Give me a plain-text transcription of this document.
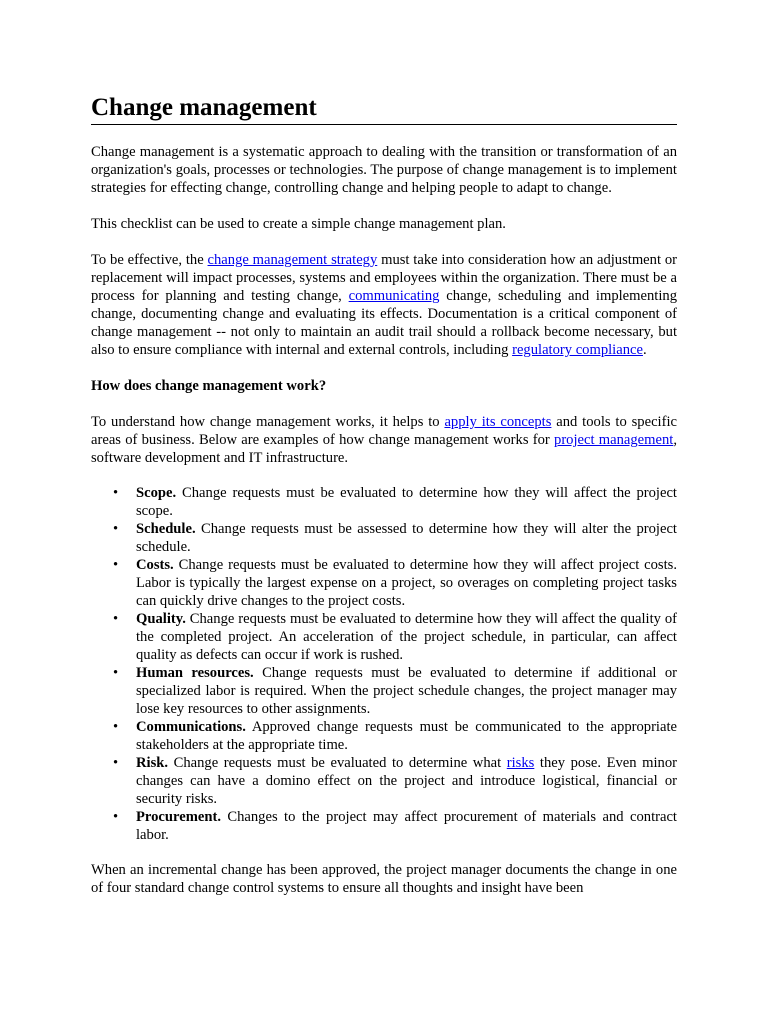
Change management

Change management is a systematic approach to dealing with the transition or transformation of an organization's goals, processes or technologies. The purpose of change management is to implement strategies for effecting change, controlling change and helping people to adapt to change.

This checklist can be used to create a simple change management plan.

To be effective, the change management strategy must take into consideration how an adjustment or replacement will impact processes, systems and employees within the organization. There must be a process for planning and testing change, communicating change, scheduling and implementing change, documenting change and evaluating its effects. Documentation is a critical component of change management -- not only to maintain an audit trail should a rollback become necessary, but also to ensure compliance with internal and external controls, including regulatory compliance.

How does change management work?

To understand how change management works, it helps to apply its concepts and tools to specific areas of business. Below are examples of how change management works for project management, software development and IT infrastructure.

• Scope. Change requests must be evaluated to determine how they will affect the project scope.
• Schedule. Change requests must be assessed to determine how they will alter the project schedule.
• Costs. Change requests must be evaluated to determine how they will affect project costs. Labor is typically the largest expense on a project, so overages on completing project tasks can quickly drive changes to the project costs.
• Quality. Change requests must be evaluated to determine how they will affect the quality of the completed project. An acceleration of the project schedule, in particular, can affect quality as defects can occur if work is rushed.
• Human resources. Change requests must be evaluated to determine if additional or specialized labor is required. When the project schedule changes, the project manager may lose key resources to other assignments.
• Communications. Approved change requests must be communicated to the appropriate stakeholders at the appropriate time.
• Risk. Change requests must be evaluated to determine what risks they pose. Even minor changes can have a domino effect on the project and introduce logistical, financial or security risks.
• Procurement. Changes to the project may affect procurement of materials and contract labor.

When an incremental change has been approved, the project manager documents the change in one of four standard change control systems to ensure all thoughts and insight have been
